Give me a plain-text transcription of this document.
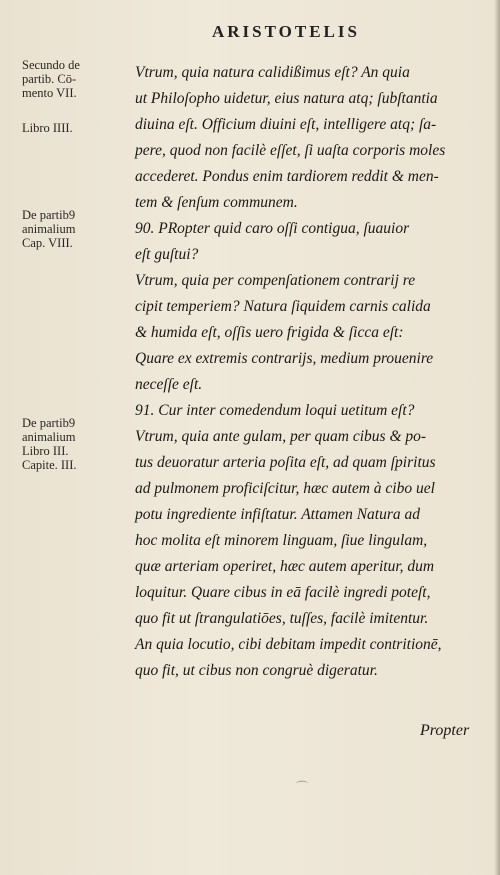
ARISTOTELIS
Secundo de
partib. Cō-
mento VII.
Libro IIII.
De partib9
animalium
Cap. VIII.
De partib9
animalium
Libro III.
Capite. III.
Vtrum, quia natura calidißimus eſt? An quia
ut Philoſopho uidetur, eius natura atq; ſubſtantia
diuina eſt. Officium diuini eſt, intelligere atq; ſa-
pere, quod non facilè eſſet, ſi uaſta corporis moles
accederet. Pondus enim tardiorem reddit & men-
tem & ſenſum communem.
90. PRopter quid caro oſſi contigua, ſuauior
eſt guſtui?
Vtrum, quia per compenſationem contrarij re
cipit temperiem? Natura ſiquidem carnis calida
& humida eſt, oſſis uero frigida & ſicca eſt:
Quare ex extremis contrarijs, medium prouenire
neceſſe eſt.
91. Cur inter comedendum loqui uetitum eſt?
Vtrum, quia ante gulam, per quam cibus & po-
tus deuoratur arteria poſita eſt, ad quam ſpiritus
ad pulmonem proficiſcitur, hæc autem à cibo uel
potu ingrediente infiſtatur. Attamen Natura ad
hoc molita eſt minorem linguam, ſiue lingulam,
quæ arteriam operiret, hæc autem aperitur, dum
loquitur. Quare cibus in eā facilè ingredi poteſt,
quo fit ut ſtrangulatiōes, tuſſes, facilè imitentur.
An quia locutio, cibi debitam impedit contritionē,
quo fit, ut cibus non congruè digeratur.
Propter
⌒
